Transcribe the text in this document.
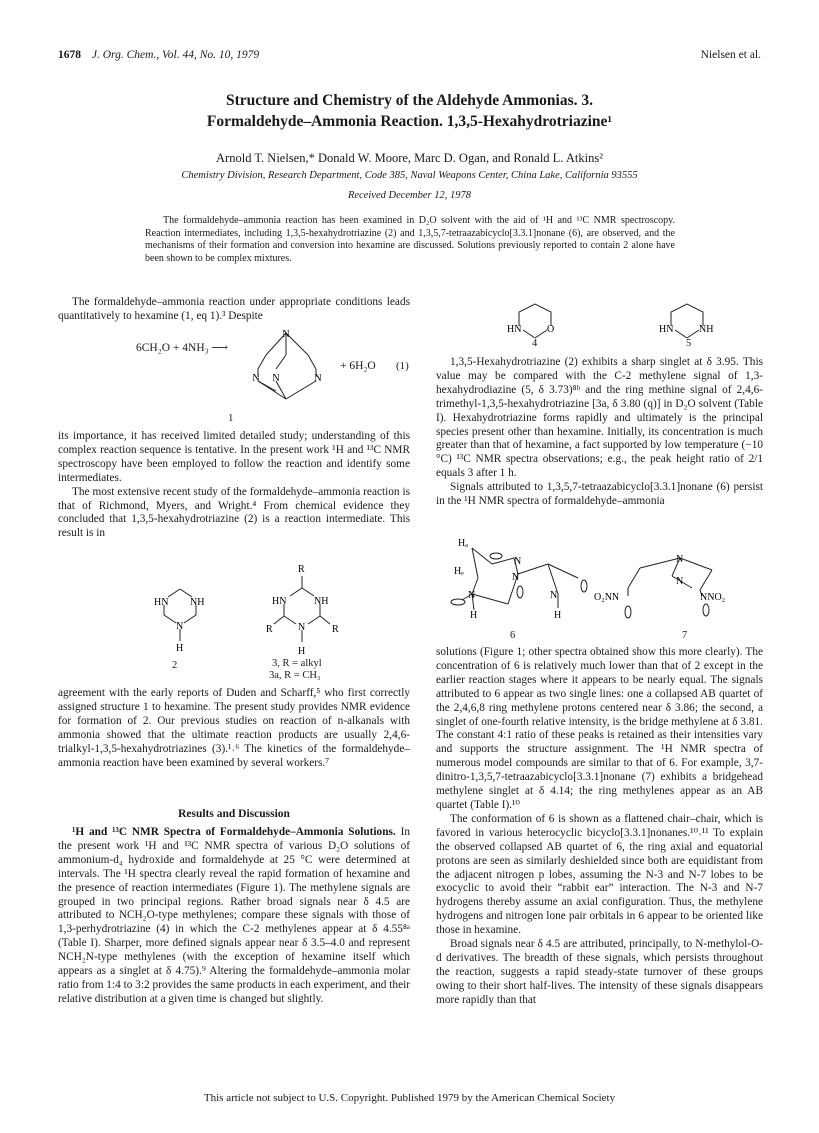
1678 J. Org. Chem., Vol. 44, No. 10, 1979	Nielsen et al.
Structure and Chemistry of the Aldehyde Ammonias. 3.
Formaldehyde–Ammonia Reaction. 1,3,5-Hexahydrotriazine¹
Arnold T. Nielsen,* Donald W. Moore, Marc D. Ogan, and Ronald L. Atkins²
Chemistry Division, Research Department, Code 385, Naval Weapons Center, China Lake, California 93555
Received December 12, 1978
The formaldehyde–ammonia reaction has been examined in D₂O solvent with the aid of ¹H and ¹³C NMR spectroscopy. Reaction intermediates, including 1,3,5-hexahydrotriazine (2) and 1,3,5,7-tetraazabicyclo[3.3.1]nonane (6), are observed, and the mechanisms of their formation and conversion into hexamine are discussed. Solutions previously reported to contain 2 alone have been shown to be complex mixtures.

The formaldehyde–ammonia reaction under appropriate conditions leads quantitatively to hexamine (1, eq 1).³ Despite

6CH₂O + 4NH₃ ⟶
N
N N	N
+ 6H₂O (1)
1

its importance, it has received limited detailed study; understanding of this complex reaction sequence is tentative. In the present work ¹H and ¹³C NMR spectroscopy have been employed to follow the reaction and identify some intermediates.

The most extensive recent study of the formaldehyde–ammonia reaction is that of Richmond, Myers, and Wright.⁴ From chemical evidence they concluded that 1,3,5-hexahydrotriazine (2) is a reaction intermediate. This result is in

HN NH
N
H
2
R
HN	NH
N
R	R
H
3, R = alkyl
3a, R = CH₃

agreement with the early reports of Duden and Scharff,⁵ who first correctly assigned structure 1 to hexamine. The present study provides NMR evidence for formation of 2. Our previous studies on reaction of n-alkanals with ammonia showed that the ultimate reaction products are usually 2,4,6-trialkyl-1,3,5-hexahydrotriazines (3).¹˒⁶ The kinetics of the formaldehyde–ammonia reaction have been examined by several workers.⁷

Results and Discussion

¹H and ¹³C NMR Spectra of Formaldehyde–Ammonia Solutions. In the present work ¹H and ¹³C NMR spectra of various D₂O solutions of ammonium-d₄ hydroxide and formaldehyde at 25 °C were determined at intervals. The ¹H spectra clearly reveal the rapid formation of hexamine and the presence of reaction intermediates (Figure 1). The methylene signals are grouped in two principal regions. Rather broad signals near δ 4.5 are attributed to NCH₂O-type methylenes; compare these signals with those of 1,3-perhydrotriazine (4) in which the C-2 methylenes appear at δ 4.55⁸ᵃ (Table I). Sharper, more defined signals appear near δ 3.5–4.0 and represent NCH₂N-type methylenes (with the exception of hexamine itself which appears as a singlet at δ 4.75).⁹ Altering the formaldehyde–ammonia molar ratio from 1:4 to 3:2 provides the same products in each experiment, and their relative distribution at a given time is changed but slightly.

HN	O
4
HN	NH
5

1,3,5-Hexahydrotriazine (2) exhibits a sharp singlet at δ 3.95. This value may be compared with the C-2 methylene signal of 1,3-hexahydrodiazine (5, δ 3.73)⁸ᵇ and the ring methine signal of 2,4,6-trimethyl-1,3,5-hexahydrotriazine [3a, δ 3.80 (q)] in D₂O solvent (Table I). Hexahydrotriazine forms rapidly and ultimately is the principal species present other than hexamine. Initially, its concentration is much greater than that of hexamine, a fact supported by low temperature (−10 °C) ¹³C NMR spectra observations; e.g., the peak height ratio of 2/1 equals 3 after 1 h.

Signals attributed to 1,3,5,7-tetraazabicyclo[3.3.1]nonane (6) persist in the ¹H NMR spectra of formaldehyde–ammonia

Hₐ
Hₑ
N
N
N	N
H	H
6
N
N
O₂NN	NNO₂
7

solutions (Figure 1; other spectra obtained show this more clearly). The concentration of 6 is relatively much lower than that of 2 except in the earlier reaction stages where it appears to be nearly equal. The signals attributed to 6 appear as two single lines: one a collapsed AB quartet of the 2,4,6,8 ring methylene protons centered near δ 3.86; the second, a singlet of one-fourth relative intensity, is the bridge methylene at δ 3.81. The constant 4:1 ratio of these peaks is retained as their intensities vary and supports the structure assignment. The ¹H NMR spectra of numerous model compounds are similar to that of 6. For example, 3,7-dinitro-1,3,5,7-tetraazabicyclo[3.3.1]nonane (7) exhibits a bridgehead methylene singlet at δ 4.14; the ring methylenes appear as an AB quartet (Table I).¹⁰

The conformation of 6 is shown as a flattened chair–chair, which is favored in various heterocyclic bicyclo[3.3.1]nonanes.¹⁰˒¹¹ To explain the observed collapsed AB quartet of 6, the ring axial and equatorial protons are seen as similarly deshielded since both are equidistant from the adjacent nitrogen p lobes, assuming the N-3 and N-7 lobes to be exocyclic to avoid their “rabbit ear” interaction. The N-3 and N-7 hydrogens thereby assume an axial configuration. Thus, the methylene hydrogens and nitrogen lone pair orbitals in 6 appear to be oriented like those in hexamine.

Broad signals near δ 4.5 are attributed, principally, to N-methylol-O-d derivatives. The breadth of these signals, which persists throughout the reaction, suggests a rapid steady-state turnover of these groups owing to their short half-lives. The intensity of these signals disappears more rapidly than that

This article not subject to U.S. Copyright. Published 1979 by the American Chemical Society
